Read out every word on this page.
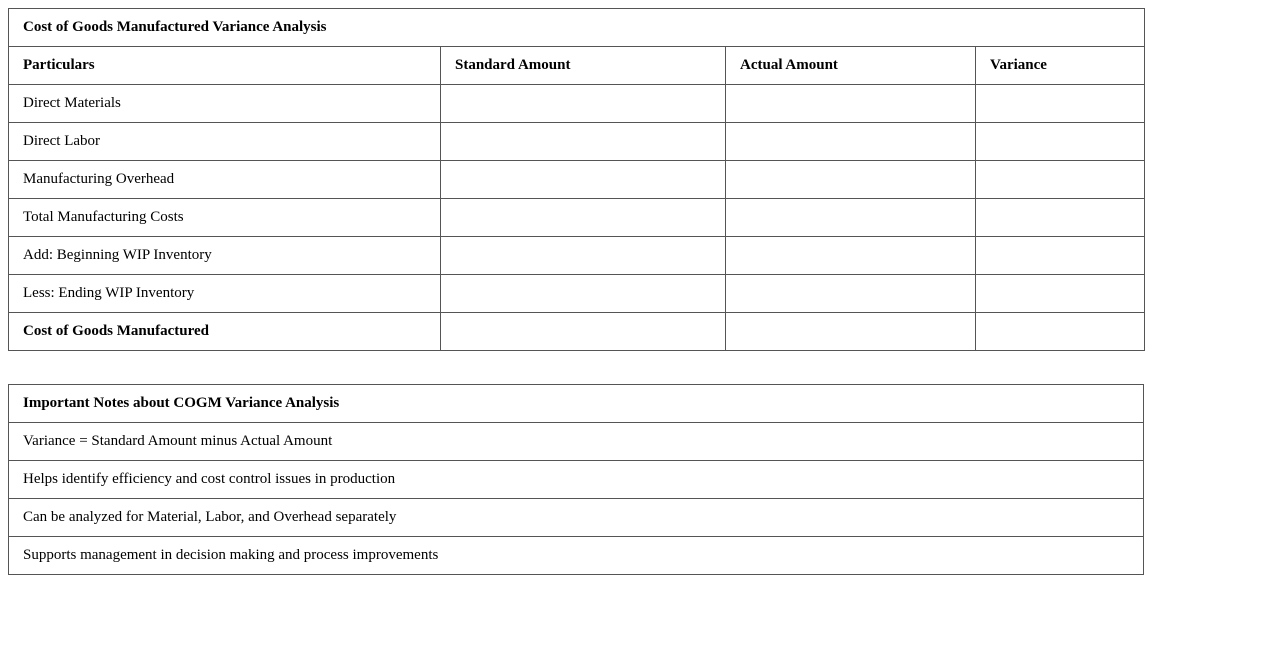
Cost of Goods Manufactured Variance Analysis			
Particulars	Standard Amount	Actual Amount	Variance
Direct Materials			
Direct Labor			
Manufacturing Overhead			
Total Manufacturing Costs			
Add: Beginning WIP Inventory			
Less: Ending WIP Inventory			
Cost of Goods Manufactured			
Important Notes about COGM Variance Analysis
Variance = Standard Amount minus Actual Amount
Helps identify efficiency and cost control issues in production
Can be analyzed for Material, Labor, and Overhead separately
Supports management in decision making and process improvements
